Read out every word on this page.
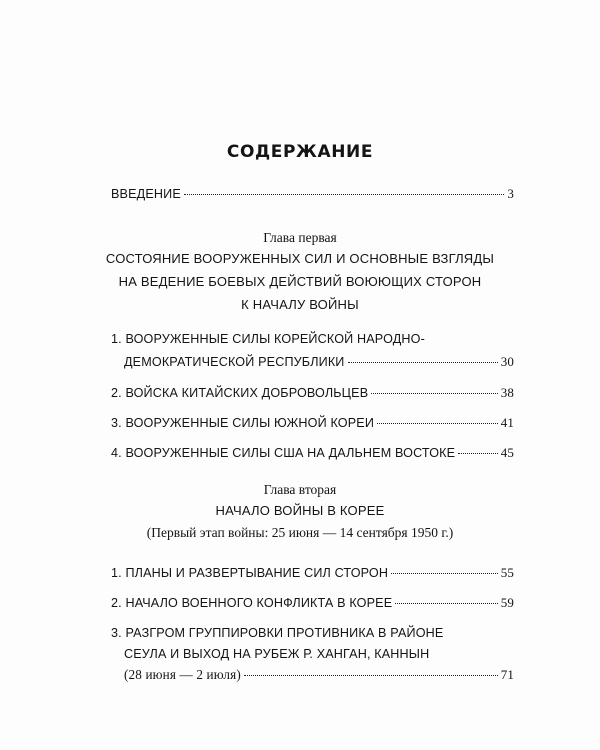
СОДЕРЖАНИЕ
ВВЕДЕНИЕ	3
Глава первая
СОСТОЯНИЕ ВООРУЖЕННЫХ СИЛ И ОСНОВНЫЕ ВЗГЛЯДЫ
НА ВЕДЕНИЕ БОЕВЫХ ДЕЙСТВИЙ ВОЮЮЩИХ СТОРОН
К НАЧАЛУ ВОЙНЫ
1. ВООРУЖЕННЫЕ СИЛЫ КОРЕЙСКОЙ НАРОДНО-
ДЕМОКРАТИЧЕСКОЙ РЕСПУБЛИКИ	30
2. ВОЙСКА КИТАЙСКИХ ДОБРОВОЛЬЦЕВ	38
3. ВООРУЖЕННЫЕ СИЛЫ ЮЖНОЙ КОРЕИ	41
4. ВООРУЖЕННЫЕ СИЛЫ США НА ДАЛЬНЕМ ВОСТОКЕ	45
Глава вторая
НАЧАЛО ВОЙНЫ В КОРЕЕ
(Первый этап войны: 25 июня — 14 сентября 1950 г.)
1. ПЛАНЫ И РАЗВЕРТЫВАНИЕ СИЛ СТОРОН	55
2. НАЧАЛО ВОЕННОГО КОНФЛИКТА В КОРЕЕ	59
3. РАЗГРОМ ГРУППИРОВКИ ПРОТИВНИКА В РАЙОНЕ
СЕУЛА И ВЫХОД НА РУБЕЖ Р. ХАНГАН, КАННЫН
(28 июня — 2 июля)	71
